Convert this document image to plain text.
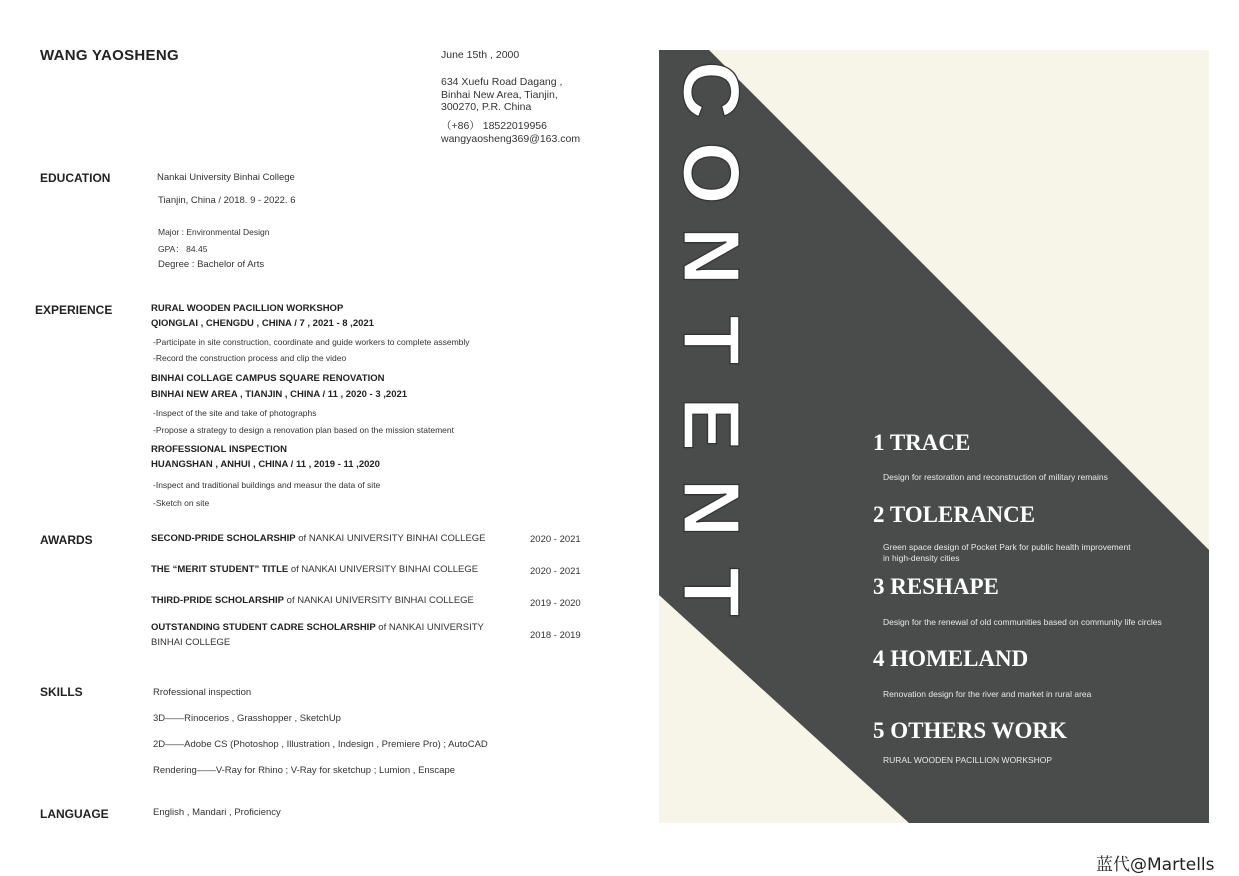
WANG YAOSHENG	June 15th , 2000
634 Xuefu Road Dagang ,
Binhai New Area, Tianjin,
300270, P.R. China
（+86） 18522019956
wangyaosheng369@163.com
EDUCATION	Nankai University Binhai College
Tianjin, China / 2018. 9 - 2022. 6
Major : Environmental Design
GPA： 84.45
Degree : Bachelor of Arts
EXPERIENCE	RURAL WOODEN PACILLION WORKSHOP
QIONGLAI , CHENGDU , CHINA / 7 , 2021 - 8 ,2021
-Participate in site construction, coordinate and guide workers to complete assembly
-Record the construction process and clip the video
BINHAI COLLAGE CAMPUS SQUARE RENOVATION
BINHAI NEW AREA , TIANJIN , CHINA / 11 , 2020 - 3 ,2021
-Inspect of the site and take of photographs
-Propose a strategy to design a renovation plan based on the mission statement
RROFESSIONAL INSPECTION
HUANGSHAN , ANHUI , CHINA / 11 , 2019 - 11 ,2020
-Inspect and traditional buildings and measur the data of site
-Sketch on site
AWARDS	SECOND-PRIDE SCHOLARSHIP of NANKAI UNIVERSITY BINHAI COLLEGE	2020 - 2021
THE “MERIT STUDENT” TITLE of NANKAI UNIVERSITY BINHAI COLLEGE	2020 - 2021
THIRD-PRIDE SCHOLARSHIP of NANKAI UNIVERSITY BINHAI COLLEGE	2019 - 2020
OUTSTANDING STUDENT CADRE SCHOLARSHIP of NANKAI UNIVERSITY
BINHAI COLLEGE
2018 - 2019
SKILLS	Rrofessional inspection
3D——Rinocerios , Grasshopper , SketchUp
2D——Adobe CS (Photoshop , Illustration , Indesign , Premiere Pro) ; AutoCAD
Rendering——V-Ray for Rhino ; V-Ray for sketchup ; Lumion , Enscape
LANGUAGE	English , Mandari , Proficiency
C
O
N
T
E
N
T
1 TRACE
Design for restoration and reconstruction of military remains
2 TOLERANCE
Green space design of Pocket Park for public health improvement
in high-density cities
3 RESHAPE
Design for the renewal of old communities based on community life circles
4 HOMELAND
Renovation design for the river and market in rural area
5 OTHERS WORK
RURAL WOODEN PACILLION WORKSHOP
蓝代@Martells
